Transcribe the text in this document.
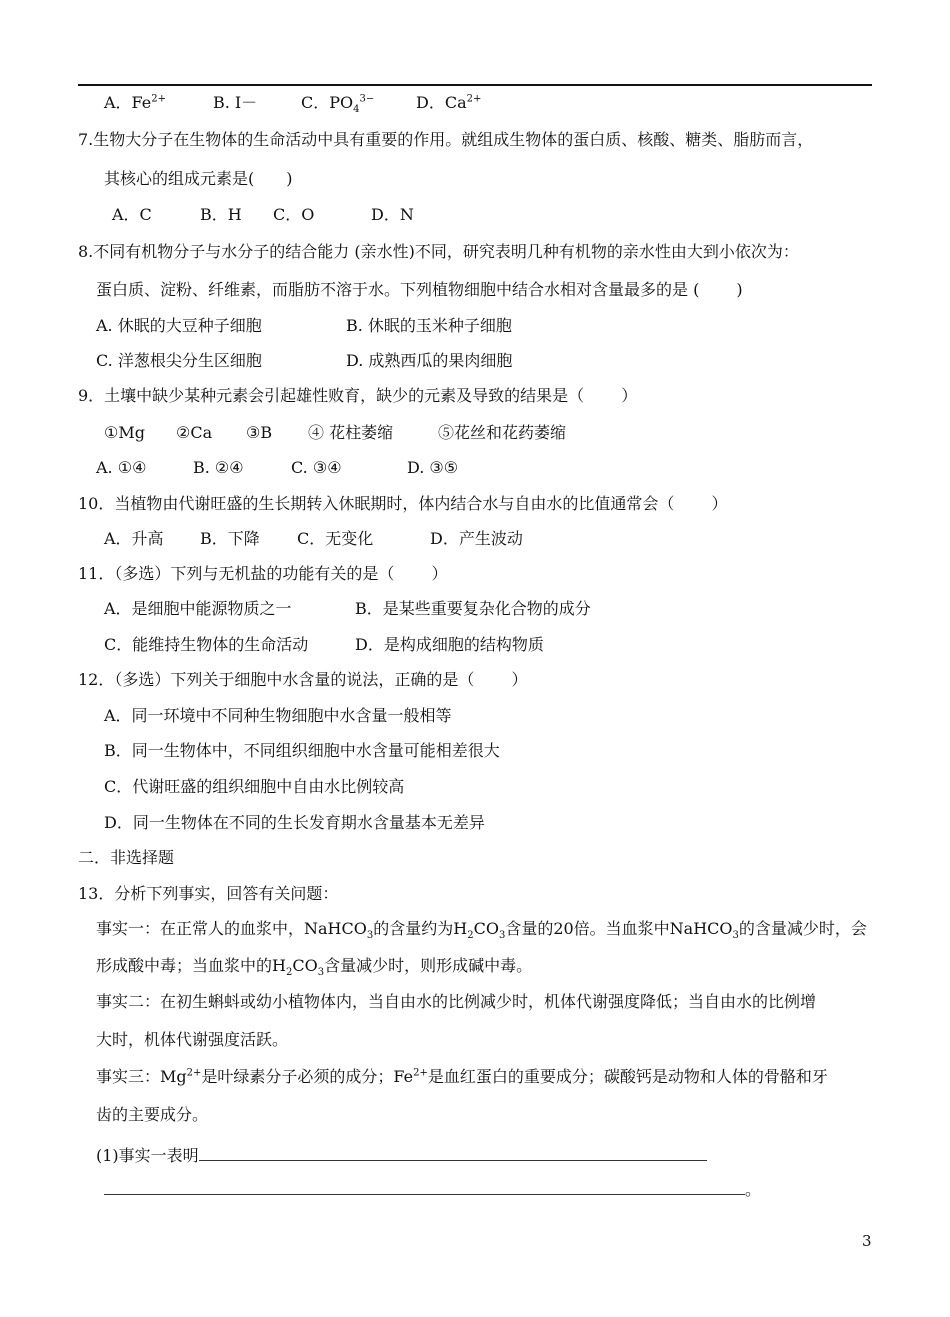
A．$Fe^{2+}$	B. I－	C．$PO_4^{3-}$	D．$Ca^{2+}$
7.生物大分子在生物体的生命活动中具有重要的作用。就组成生物体的蛋白质、核酸、糖类、脂肪而言，
其核心的组成元素是(　　)
A．C	B．H C．O	D．N
8.不同有机物分子与水分子的结合能力 (亲水性)不同，研究表明几种有机物的亲水性由大到小依次为：
蛋白质、淀粉、纤维素，而脂肪不溶于水。下列植物细胞中结合水相对含量最多的是 (　　 )
A. 休眠的大豆种子细胞	B. 休眠的玉米种子细胞
C. 洋葱根尖分生区细胞	D. 成熟西瓜的果肉细胞
9．土壤中缺少某种元素会引起雄性败育，缺少的元素及导致的结果是（　　 ）
①Mg ②Ca ③B ④ 花柱萎缩	⑤花丝和花药萎缩
A. ①④	B. ②④	C. ③④	D. ③⑤
10．当植物由代谢旺盛的生长期转入休眠期时，体内结合水与自由水的比值通常会（　　 ）
A．升高 B．下降 C．无变化	D．产生波动
11．（多选）下列与无机盐的功能有关的是（　　 ）
A．是细胞中能源物质之一	B．是某些重要复杂化合物的成分
C．能维持生物体的生命活动	D．是构成细胞的结构物质
12．（多选）下列关于细胞中水含量的说法，正确的是（　　 ）
A．同一环境中不同种生物细胞中水含量一般相等
B．同一生物体中，不同组织细胞中水含量可能相差很大
C．代谢旺盛的组织细胞中自由水比例较高
D．同一生物体在不同的生长发育期水含量基本无差异
二．非选择题
13．分析下列事实，回答有关问题：
事实一：在正常人的血浆中，NaHCO$_3$的含量约为$H_2CO_3$含量的20倍。当血浆中NaHCO$_3$的含量减少时，会
形成酸中毒；当血浆中的$H_2CO_3$含量减少时，则形成碱中毒。
事实二：在初生蝌蚪或幼小植物体内，当自由水的比例减少时，机体代谢强度降低；当自由水的比例增
大时，机体代谢强度活跃。
事实三：$Mg^{2+}$是叶绿素分子必须的成分；$Fe^{2+}$是血红蛋白的重要成分；碳酸钙是动物和人体的骨骼和牙
齿的主要成分。
(1)事实一表明
。
3
